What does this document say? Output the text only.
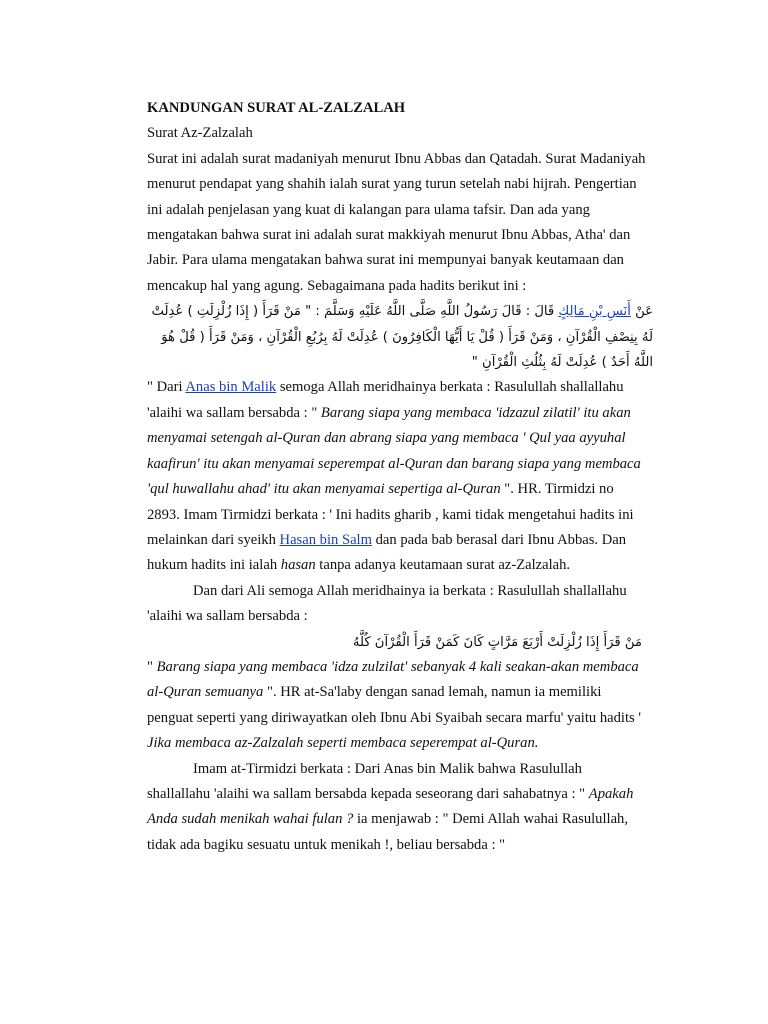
KANDUNGAN SURAT AL-ZALZALAH

Surat Az-Zalzalah

Surat ini adalah surat madaniyah menurut Ibnu Abbas dan Qatadah. Surat Madaniyah menurut pendapat yang shahih ialah surat yang turun setelah nabi hijrah. Pengertian ini adalah penjelasan yang kuat di kalangan para ulama tafsir. Dan ada yang mengatakan bahwa surat ini adalah surat makkiyah menurut Ibnu Abbas, Atha' dan Jabir. Para ulama mengatakan bahwa surat ini mempunyai banyak keutamaan dan mencakup hal yang agung. Sebagaimana pada hadits berikut ini :

عَنْ أَنَسِ بْنِ مَالِكٍ قَالَ : قَالَ رَسُولُ اللَّهِ صَلَّى اللَّهُ عَلَيْهِ وَسَلَّمَ : " مَنْ قَرَأَ ( إِذَا زُلْزِلَتِ ) عُدِلَتْ لَهُ بِنِصْفِ الْقُرْآنِ ، وَمَنْ قَرَأَ ( قُلْ يَا أَيُّهَا الْكَافِرُونَ ) عُدِلَتْ لَهُ بِرُبُعِ الْقُرْآنِ ، وَمَنْ قَرَأَ ( قُلْ هُوَ اللَّهُ أَحَدٌ ) عُدِلَتْ لَهُ بِثُلُثِ الْقُرْآنِ "

" Dari Anas bin Malik semoga Allah meridhainya berkata : Rasulullah shallallahu 'alaihi wa sallam bersabda : " Barang siapa yang membaca 'idzazul zilatil' itu akan menyamai setengah al-Quran dan abrang siapa yang membaca ' Qul yaa ayyuhal kaafirun' itu akan menyamai seperempat al-Quran dan barang siapa yang membaca 'qul huwallahu ahad' itu akan menyamai sepertiga al-Quran ". HR. Tirmidzi no 2893. Imam Tirmidzi berkata : ' Ini hadits gharib , kami tidak mengetahui hadits ini melainkan dari syeikh Hasan bin Salm dan pada bab berasal dari Ibnu Abbas. Dan hukum hadits ini ialah hasan tanpa adanya keutamaan surat az-Zalzalah.

Dan dari Ali semoga Allah meridhainya ia berkata : Rasulullah shallallahu 'alaihi wa sallam bersabda :

مَنْ قَرَأَ إِذَا زُلْزِلَتْ أَرْبَعَ مَرَّاتٍ كَانَ كَمَنْ قَرَأَ الْقُرْآنَ كُلَّهُ

" Barang siapa yang membaca 'idza zulzilat' sebanyak 4 kali seakan-akan membaca al-Quran semuanya ". HR at-Sa'laby dengan sanad lemah, namun ia memiliki penguat seperti yang diriwayatkan oleh Ibnu Abi Syaibah secara marfu' yaitu hadits ' Jika membaca az-Zalzalah seperti membaca seperempat al-Quran.

Imam at-Tirmidzi berkata : Dari Anas bin Malik bahwa Rasulullah shallallahu 'alaihi wa sallam bersabda kepada seseorang dari sahabatnya : " Apakah Anda sudah menikah wahai fulan ? ia menjawab : " Demi Allah wahai Rasulullah, tidak ada bagiku sesuatu untuk menikah !, beliau bersabda : "
